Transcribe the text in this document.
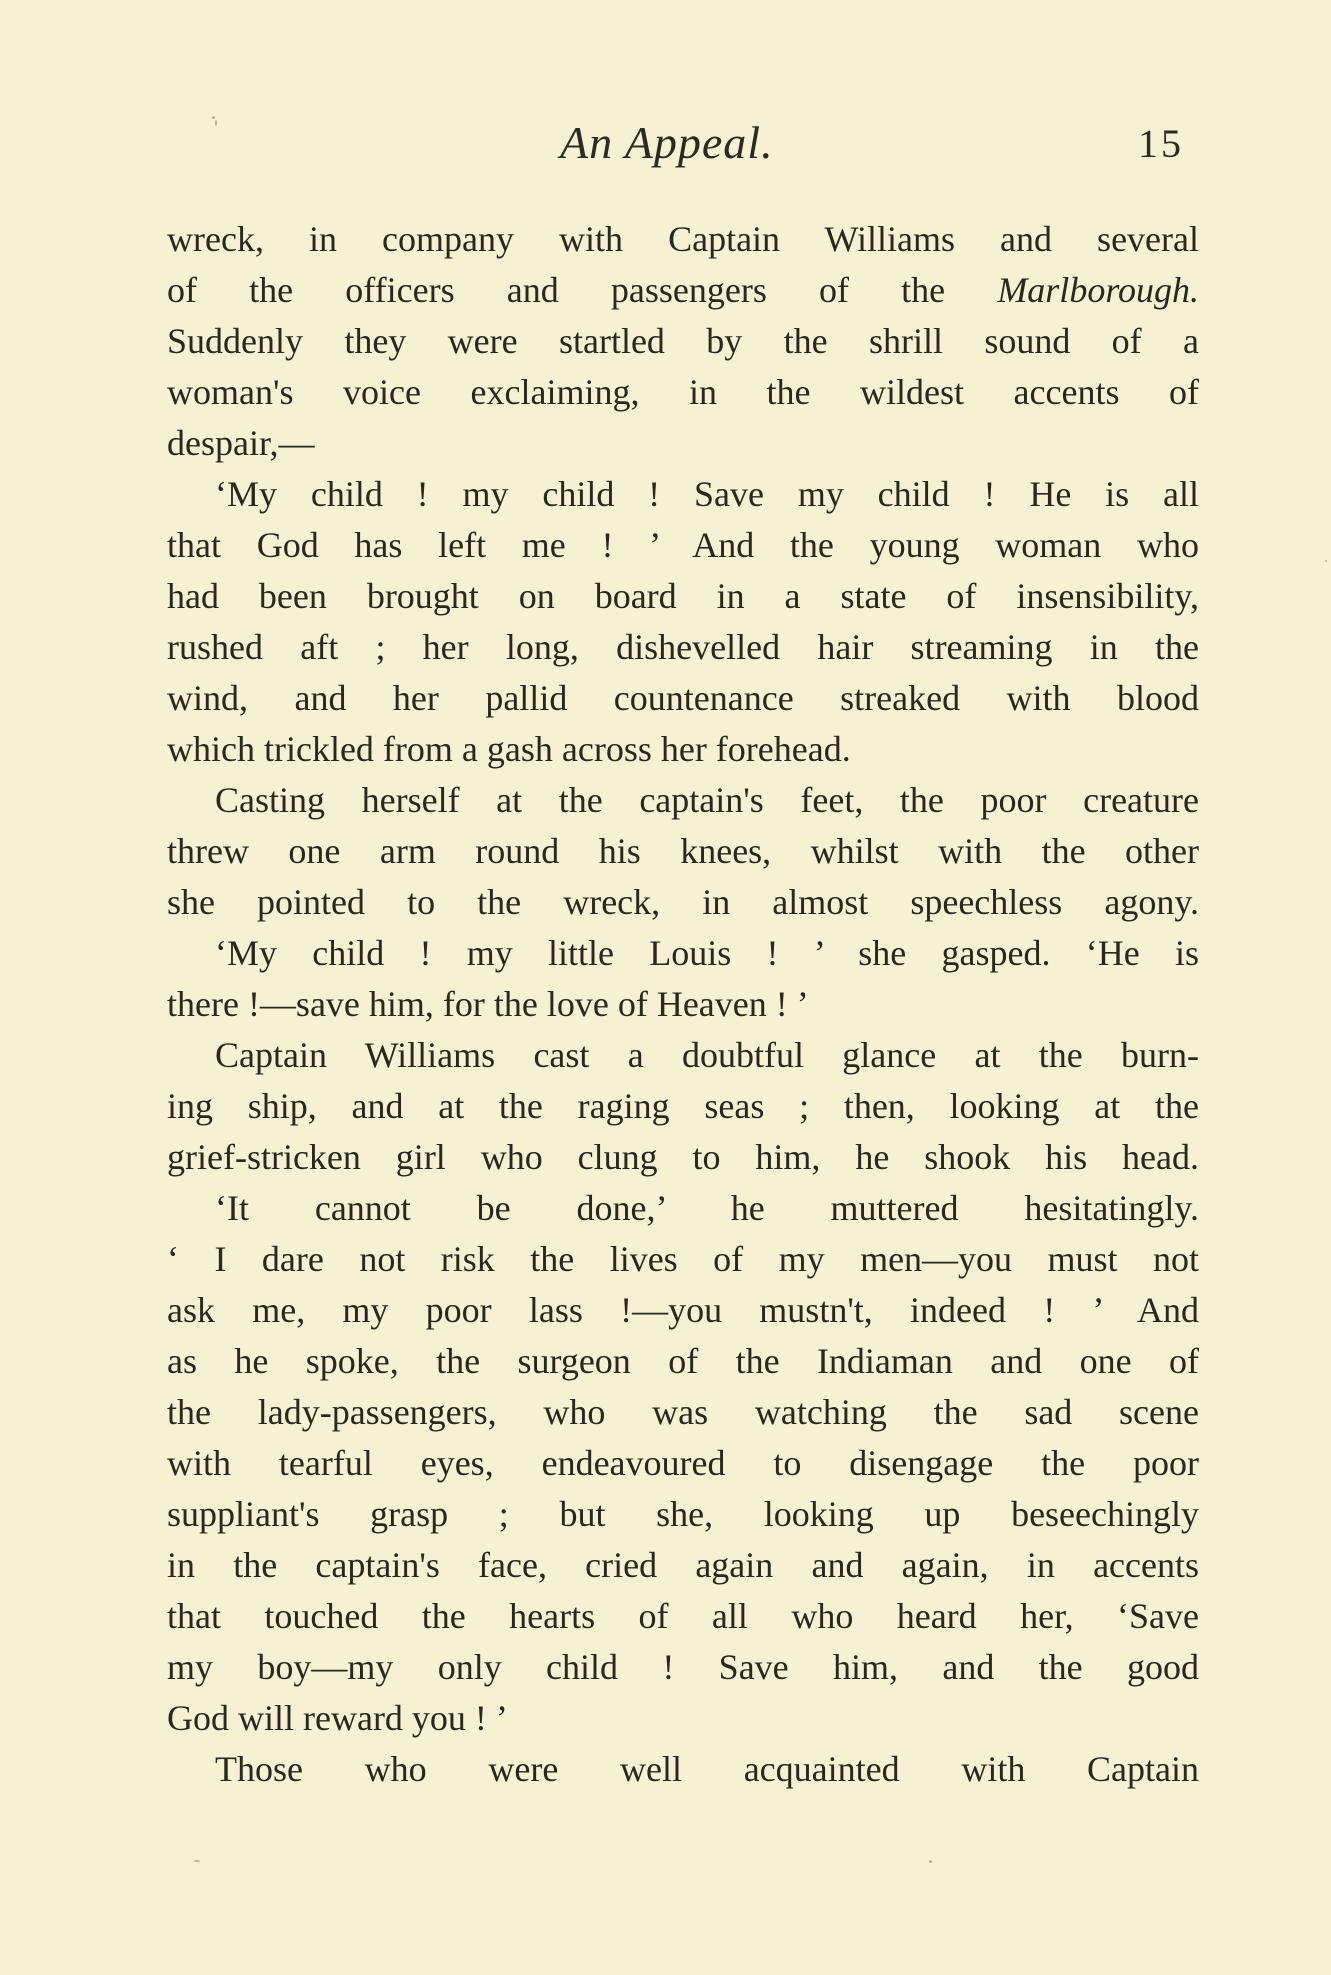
An Appeal.	15
wreck, in company with Captain Williams and several
of the officers and passengers of the Marlborough.
Suddenly they were startled by the shrill sound of a
woman's voice exclaiming, in the wildest accents of
despair,—
‘My child ! my child ! Save my child ! He is all
that God has left me ! ’ And the young woman who
had been brought on board in a state of insensibility,
rushed aft ; her long, dishevelled hair streaming in the
wind, and her pallid countenance streaked with blood
which trickled from a gash across her forehead.
Casting herself at the captain's feet, the poor creature
threw one arm round his knees, whilst with the other
she pointed to the wreck, in almost speechless agony.
‘My child ! my little Louis ! ’ she gasped. ‘He is
there !—save him, for the love of Heaven ! ’
Captain Williams cast a doubtful glance at the burn-
ing ship, and at the raging seas ; then, looking at the
grief-stricken girl who clung to him, he shook his head.
‘It cannot be done,’ he muttered hesitatingly.
‘ I dare not risk the lives of my men—you must not
ask me, my poor lass !—you mustn't, indeed ! ’ And
as he spoke, the surgeon of the Indiaman and one of
the lady-passengers, who was watching the sad scene
with tearful eyes, endeavoured to disengage the poor
suppliant's grasp ; but she, looking up beseechingly
in the captain's face, cried again and again, in accents
that touched the hearts of all who heard her, ‘Save
my boy—my only child ! Save him, and the good
God will reward you ! ’
Those who were well acquainted with Captain
